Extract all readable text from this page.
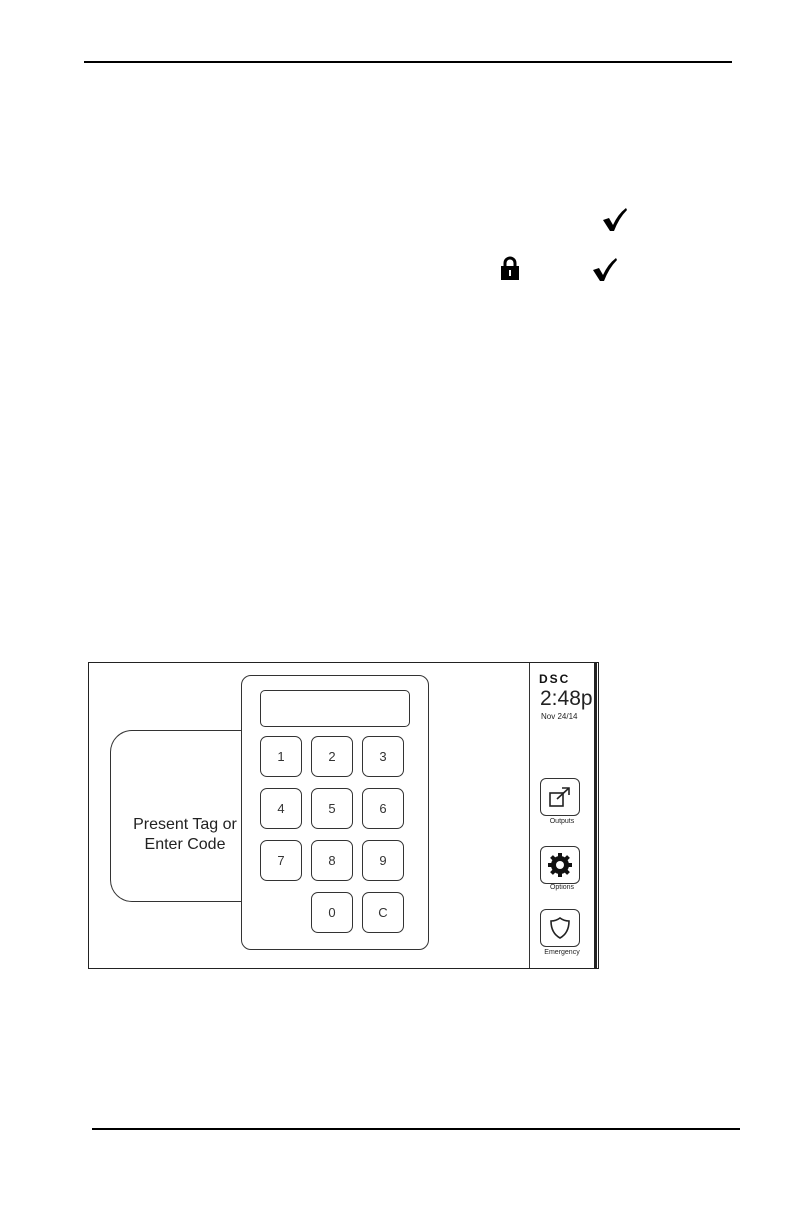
Present Tag or
Enter Code
1	2	3
4	5	6
7	8	9
0	C
DSC
2:48p
Nov 24/14
Outputs
Options
Emergency
